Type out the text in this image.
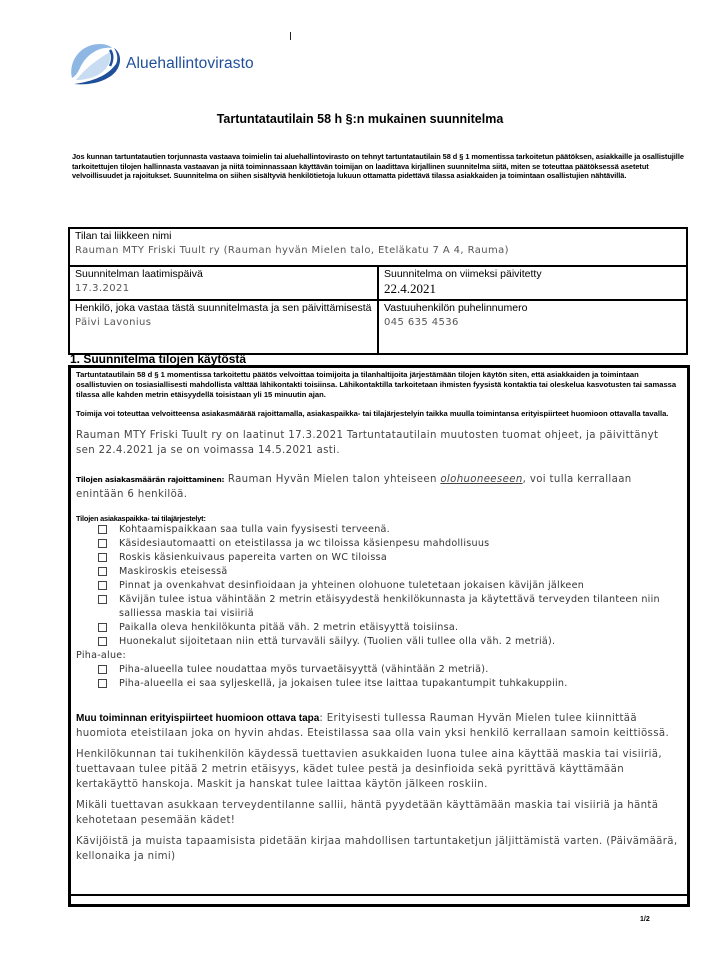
Aluehallintovirasto
Tartuntatautilain 58 h §:n mukainen suunnitelma
Jos kunnan tartuntatautien torjunnasta vastaava toimielin tai aluehallintovirasto on tehnyt tartuntatautilain 58 d § 1 momentissa tarkoitetun päätöksen, asiakkaille ja osallistujille tarkoitettujen tilojen hallinnasta vastaavan ja niitä toiminnassaan käyttävän toimijan on laadittava kirjallinen suunnitelma siitä, miten se toteuttaa päätöksessä asetetut velvoillisuudet ja rajoitukset. Suunnitelma on siihen sisältyviä henkilötietoja lukuun ottamatta pidettävä tilassa asiakkaiden ja toimintaan osallistujien nähtävillä.
Tilan tai liikkeen nimi
Rauman MTY Friski Tuult ry (Rauman hyvän Mielen talo, Eteläkatu 7 A 4, Rauma)
Suunnitelman laatimispäivä
17.3.2021
Suunnitelma on viimeksi päivitetty
22.4.2021
Henkilö, joka vastaa tästä suunnitelmasta ja sen päivittämisestä Päivi Lavonius
Vastuuhenkilön puhelinnumero
045 635 4536
1. Suunnitelma tilojen käytöstä

Tartuntatautilain 58 d § 1 momentissa tarkoitettu päätös velvoittaa toimijoita ja tilanhaltijoita järjestämään tilojen käytön siten, että asiakkaiden ja toimintaan osallistuvien on tosiasiallisesti mahdollista välttää lähikontakti toisiinsa. Lähikontaktilla tarkoitetaan ihmisten fyysistä kontaktia tai oleskelua kasvotusten tai samassa tilassa alle kahden metrin etäisyydellä toisistaan yli 15 minuutin ajan.

Toimija voi toteuttaa velvoitteensa asiakasmäärää rajoittamalla, asiakaspaikka- tai tilajärjestelyin taikka muulla toimintansa erityispiirteet huomioon ottavalla tavalla.

Rauman MTY Friski Tuult ry on laatinut 17.3.2021 Tartuntatautilain muutosten tuomat ohjeet, ja päivittänyt sen 22.4.2021 ja se on voimassa 14.5.2021 asti.

Tilojen asiakasmäärän rajoittaminen: Rauman Hyvän Mielen talon yhteiseen olohuoneeseen, voi tulla kerrallaan enintään 6 henkilöä.

Tilojen asiakaspaikka- tai tilajärjestelyt:
Kohtaamispaikkaan saa tulla vain fyysisesti terveenä.
Käsidesiautomaatti on eteistilassa ja wc tiloissa käsienpesu mahdollisuus
Roskis käsienkuivaus papereita varten on WC tiloissa
Maskiroskis eteisessä
Pinnat ja ovenkahvat desinfioidaan ja yhteinen olohuone tuletetaan jokaisen kävijän jälkeen
Kävijän tulee istua vähintään 2 metrin etäisyydestä henkilökunnasta ja käytettävä terveyden tilanteen niin salliessa maskia tai visiiriä
Paikalla oleva henkilökunta pitää väh. 2 metrin etäisyyttä toisiinsa.
Huonekalut sijoitetaan niin että turvaväli säilyy. (Tuolien väli tullee olla väh. 2 metriä).
Piha-alue:
Piha-alueella tulee noudattaa myös turvaetäisyyttä (vähintään 2 metriä).
Piha-alueella ei saa syljeskellä, ja jokaisen tulee itse laittaa tupakantumpit tuhkakuppiin.

Muu toiminnan erityispiirteet huomioon ottava tapa: Erityisesti tullessa Rauman Hyvän Mielen tulee kiinnittää huomiota eteistilaan joka on hyvin ahdas. Eteistilassa saa olla vain yksi henkilö kerrallaan samoin keittiössä.

Henkilökunnan tai tukihenkilön käydessä tuettavien asukkaiden luona tulee aina käyttää maskia tai visiiriä, tuettavaan tulee pitää 2 metrin etäisyys, kädet tulee pestä ja desinfioida sekä pyrittävä käyttämään kertakäyttö hanskoja. Maskit ja hanskat tulee laittaa käytön jälkeen roskiin.

Mikäli tuettavan asukkaan terveydentilanne sallii, häntä pyydetään käyttämään maskia tai visiiriä ja häntä kehotetaan pesemään kädet!

Kävijöistä ja muista tapaamisista pidetään kirjaa mahdollisen tartuntaketjun jäljittämistä varten. (Päivämäärä, kellonaika ja nimi)

1/2
